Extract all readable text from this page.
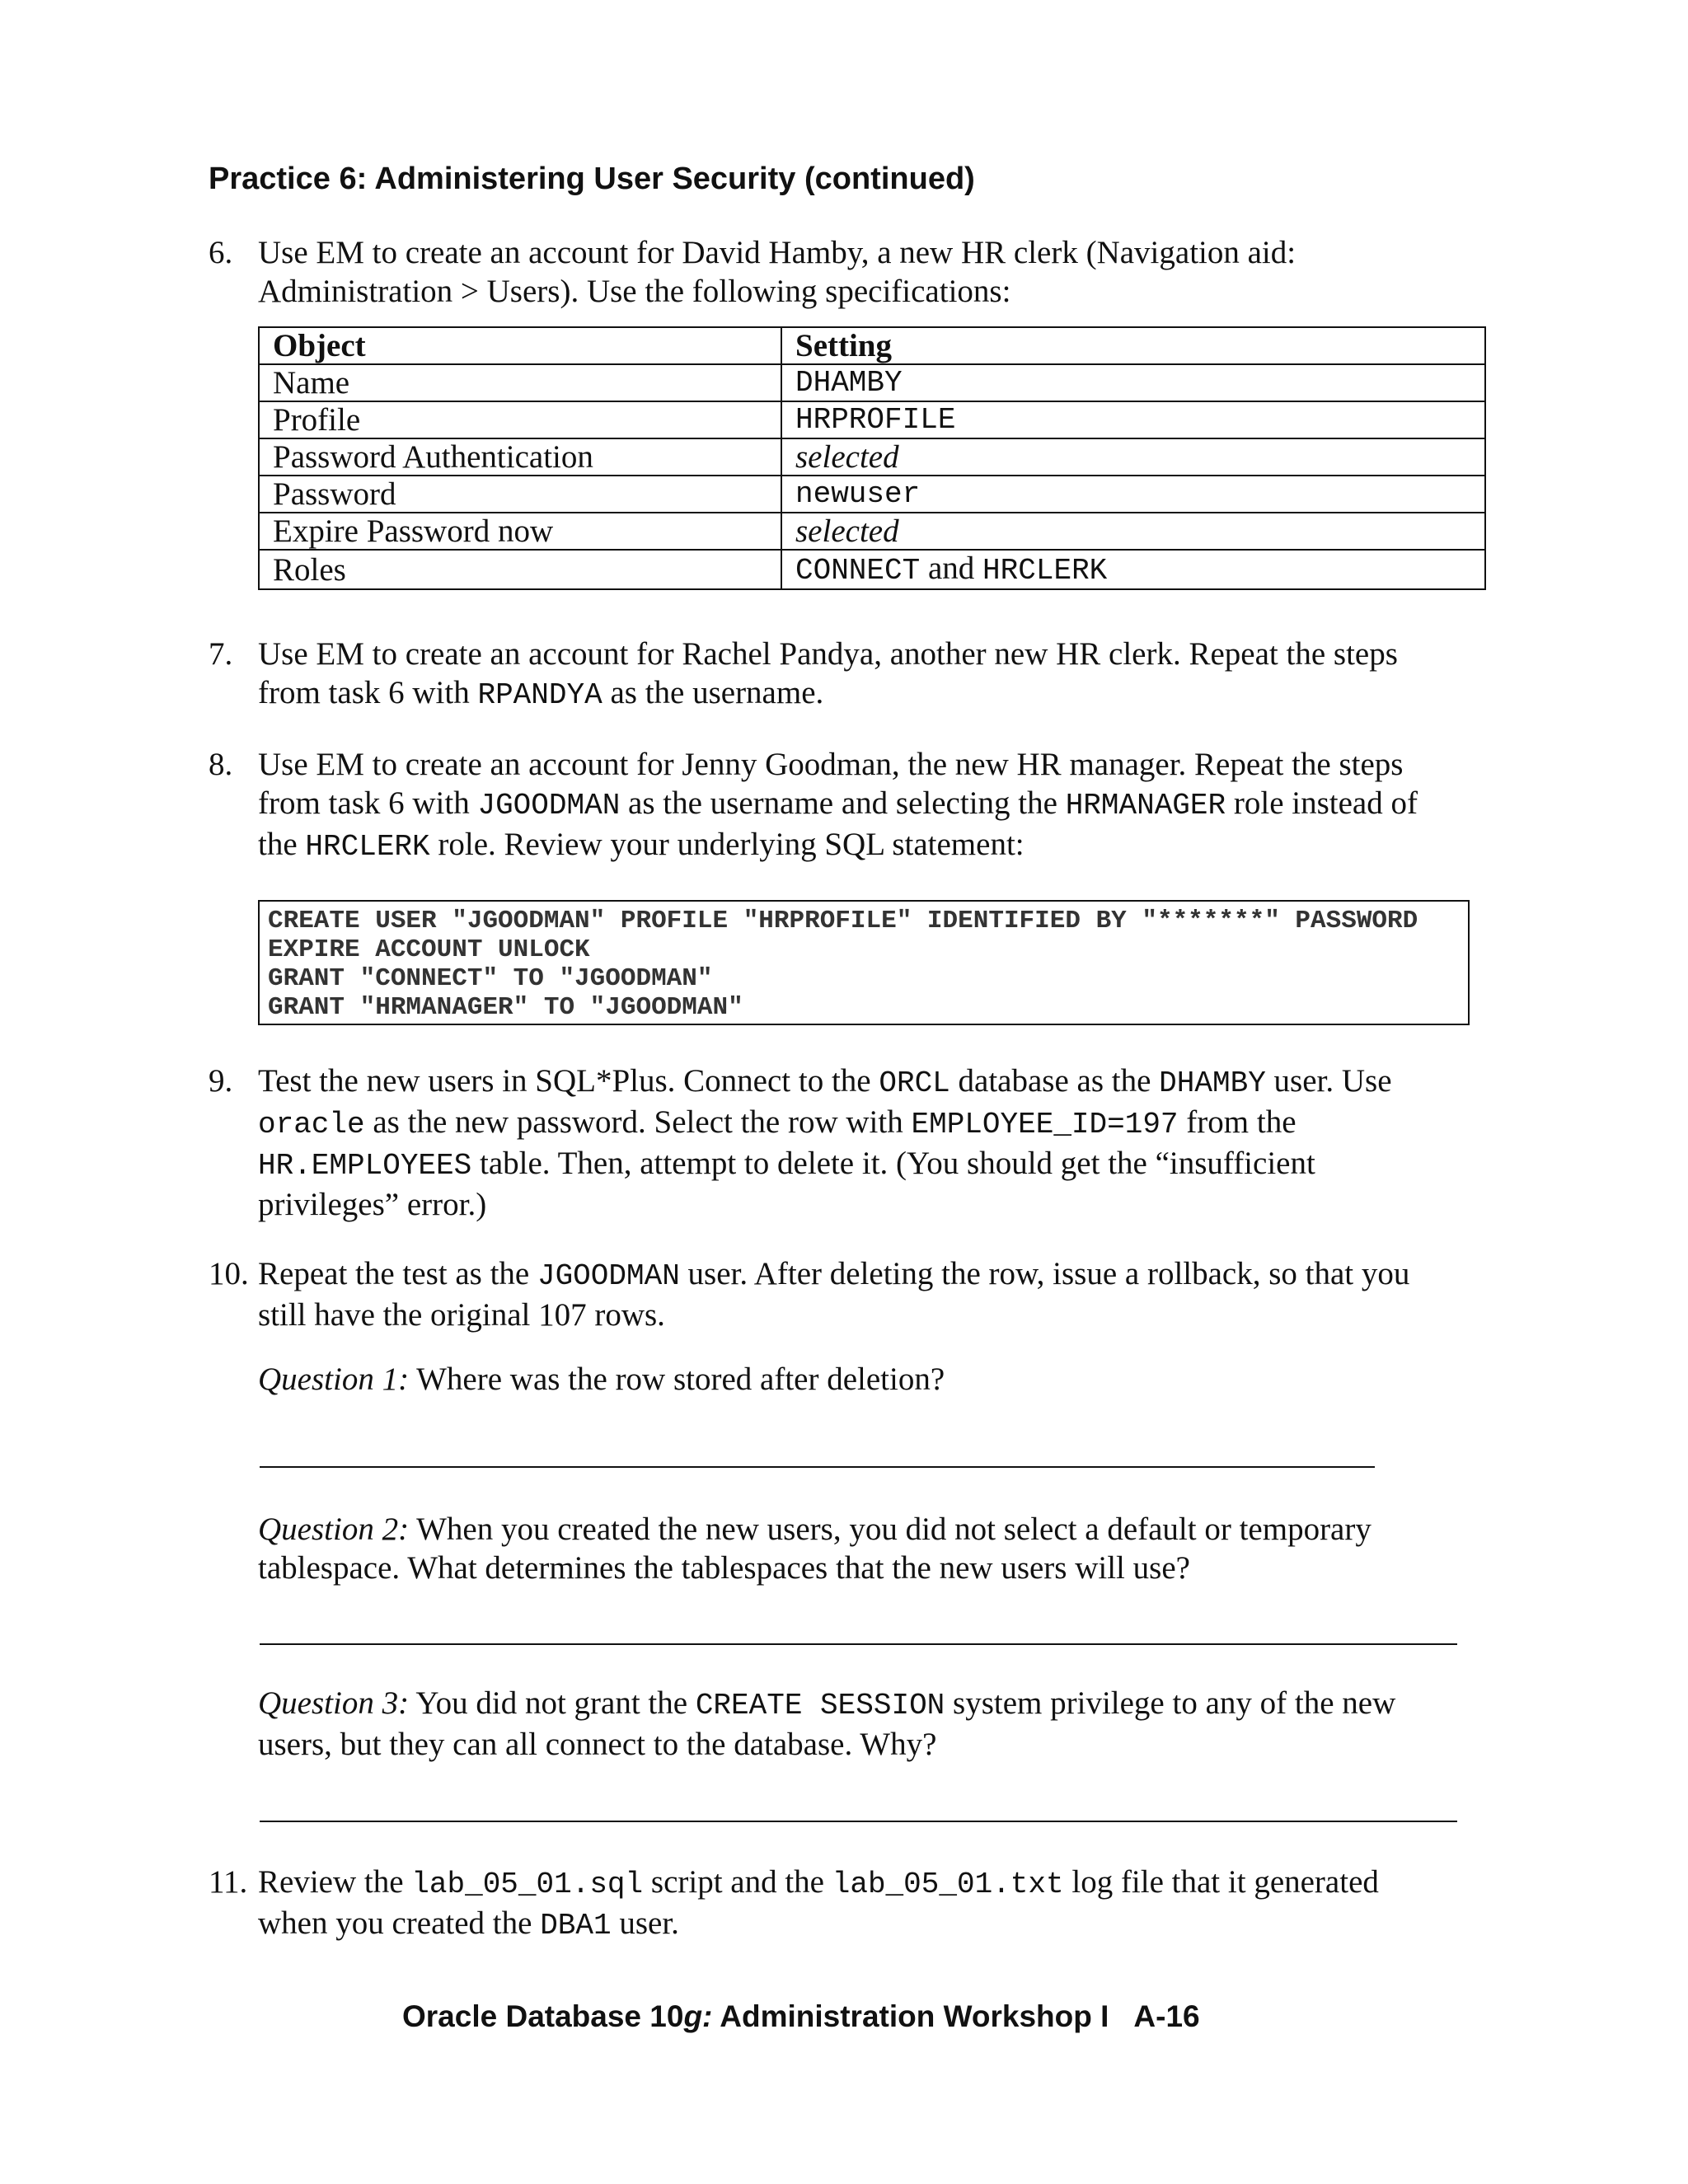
Practice 6: Administering User Security (continued)
6. Use EM to create an account for David Hamby, a new HR clerk (Navigation aid:
Administration > Users). Use the following specifications:
Object	Setting
Name	DHAMBY
Profile	HRPROFILE
Password Authentication	selected
Password	newuser
Expire Password now	selected
Roles	CONNECT and HRCLERK
7. Use EM to create an account for Rachel Pandya, another new HR clerk. Repeat the steps
from task 6 with RPANDYA as the username.
8. Use EM to create an account for Jenny Goodman, the new HR manager. Repeat the steps
from task 6 with JGOODMAN as the username and selecting the HRMANAGER role instead of
the HRCLERK role. Review your underlying SQL statement:
CREATE USER "JGOODMAN" PROFILE "HRPROFILE" IDENTIFIED BY "*******" PASSWORD
EXPIRE ACCOUNT UNLOCK
GRANT "CONNECT" TO "JGOODMAN"
GRANT "HRMANAGER" TO "JGOODMAN"
9. Test the new users in SQL*Plus. Connect to the ORCL database as the DHAMBY user. Use
oracle as the new password. Select the row with EMPLOYEE_ID=197 from the
HR.EMPLOYEES table. Then, attempt to delete it. (You should get the “insufficient
privileges” error.)
10. Repeat the test as the JGOODMAN user. After deleting the row, issue a rollback, so that you
still have the original 107 rows.
Question 1: Where was the row stored after deletion?
Question 2: When you created the new users, you did not select a default or temporary
tablespace. What determines the tablespaces that the new users will use?
Question 3: You did not grant the CREATE SESSION system privilege to any of the new
users, but they can all connect to the database. Why?
11. Review the lab_05_01.sql script and the lab_05_01.txt log file that it generated
when you created the DBA1 user.
Oracle Database 10g: Administration Workshop I A-16
